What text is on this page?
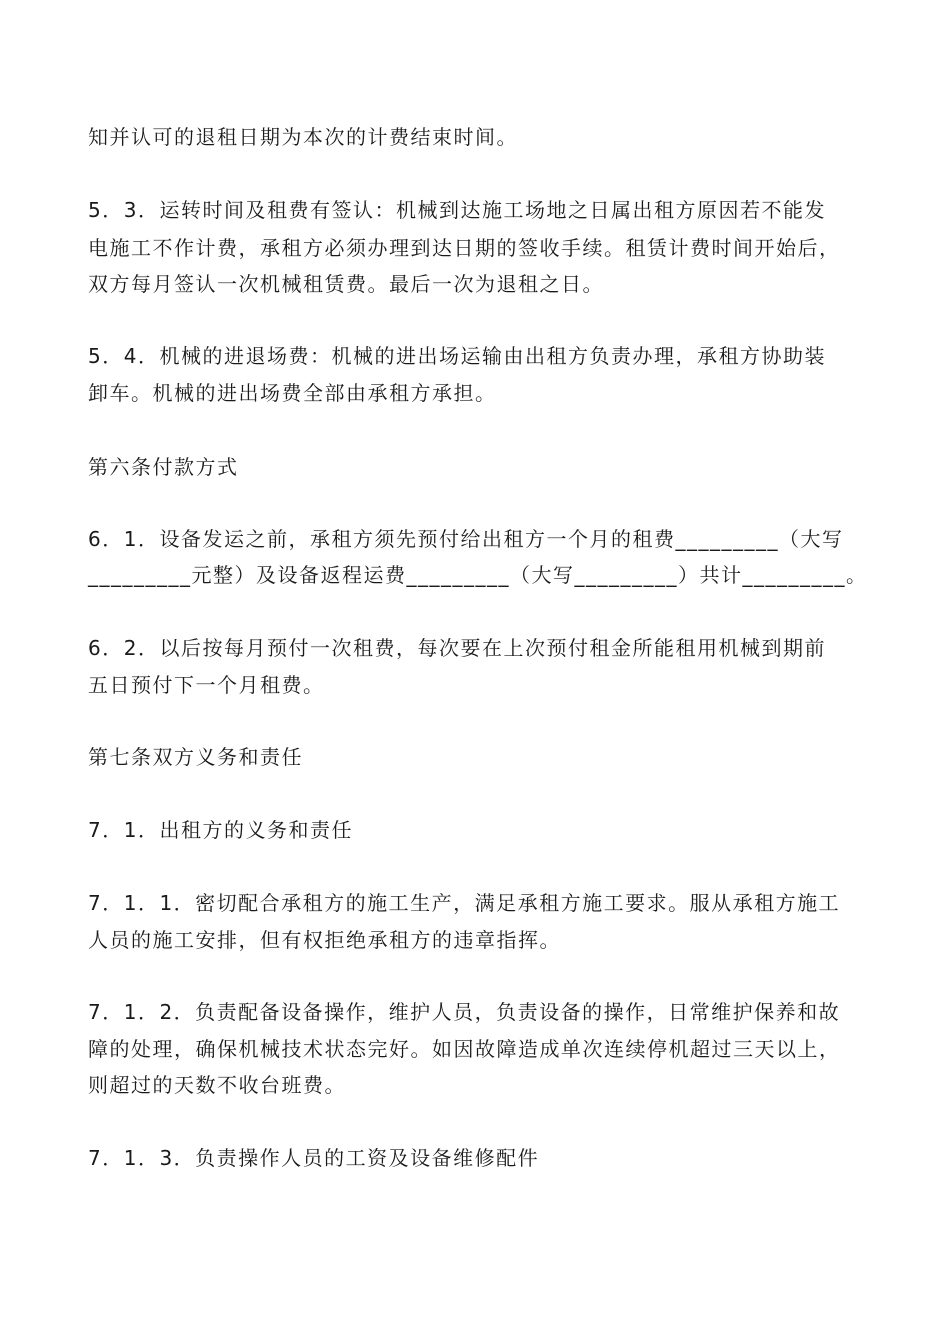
知并认可的退租日期为本次的计费结束时间。
5．3．运转时间及租费有签认：机械到达施工场地之日属出租方原因若不能发
电施工不作计费，承租方必须办理到达日期的签收手续。租赁计费时间开始后，
双方每月签认一次机械租赁费。最后一次为退租之日。
5．4．机械的进退场费：机械的进出场运输由出租方负责办理，承租方协助装
卸车。机械的进出场费全部由承租方承担。
第六条付款方式
6．1．设备发运之前，承租方须先预付给出租方一个月的租费_________（大写
_________元整）及设备返程运费_________（大写_________）共计_________。
6．2．以后按每月预付一次租费，每次要在上次预付租金所能租用机械到期前
五日预付下一个月租费。
第七条双方义务和责任
7．1．出租方的义务和责任
7．1．1．密切配合承租方的施工生产，满足承租方施工要求。服从承租方施工
人员的施工安排，但有权拒绝承租方的违章指挥。
7．1．2．负责配备设备操作，维护人员，负责设备的操作，日常维护保养和故
障的处理，确保机械技术状态完好。如因故障造成单次连续停机超过三天以上，
则超过的天数不收台班费。
7．1．3．负责操作人员的工资及设备维修配件
